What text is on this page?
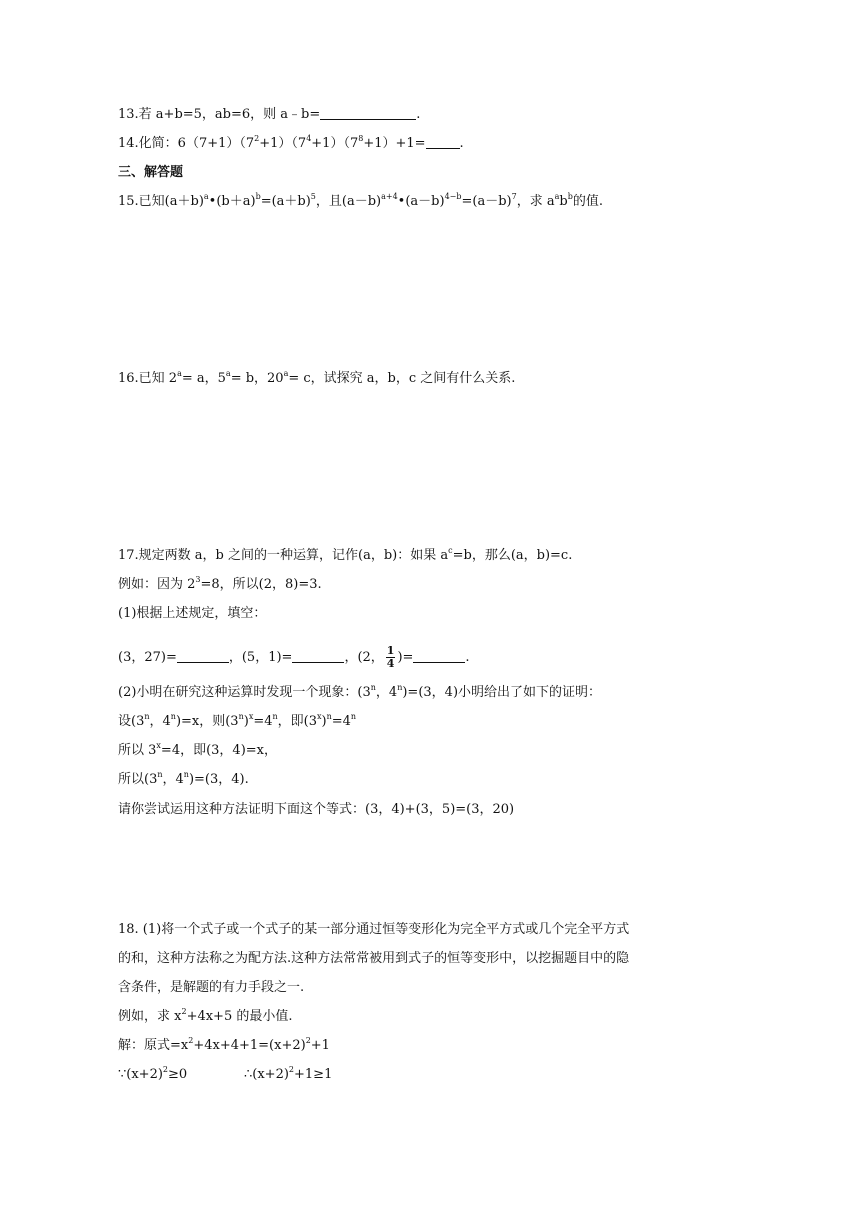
13.若 a+b=5，ab=6，则 a﹣b=	.
14.化简：$6(7+1)(7^2+1)(7^4+1)(7^8+1)+1=$	.
三、解答题
15.已知$(a+b)^a•(b+a)^b=(a+b)^5$，且$(a-b)^{a+4}•(a-b)^{4-b}=(a-b)^7$，求 $a^ab^b$的值.
16.已知 $2^a= a$，$5^a= b$，$20^a= c$，试探究 a，b，c 之间有什么关系.
17.规定两数 a，b 之间的一种运算，记作(a，b)：如果 $a^c=b$，那么(a，b)=c.
例如：因为 $2^3=8$，所以(2，8)=3.
(1)根据上述规定，填空：
(3，27)=	，(5，1)=	，(2， $\frac{1}{4}$ )=	.
(2)小明在研究这种运算时发现一个现象：(3$^n$，$4^n)=(3$，4)小明给出了如下的证明：
设(3$^n$，$4^n)=x$，则$(3^n)^x=4^n$，即$(3^x)^n=4^n$
所以 $3^x=4$，即(3，4)=x，
所以(3$^n$，$4^n)=(3$，4).
请你尝试运用这种方法证明下面这个等式：(3，4)+(3，5)=(3，20)
18. (1)将一个式子或一个式子的某一部分通过恒等变形化为完全平方式或几个完全平方式
的和，这种方法称之为配方法.这种方法常常被用到式子的恒等变形中，以挖掘题目中的隐
含条件，是解题的有力手段之一.
例如，求 $x^2+4x+5$ 的最小值.
解：原式$=x^2+4x+4+1=(x+2)^2+1$
$\because(x+2)^2\ge 0$	$\therefore(x+2)^2+1\ge 1$
